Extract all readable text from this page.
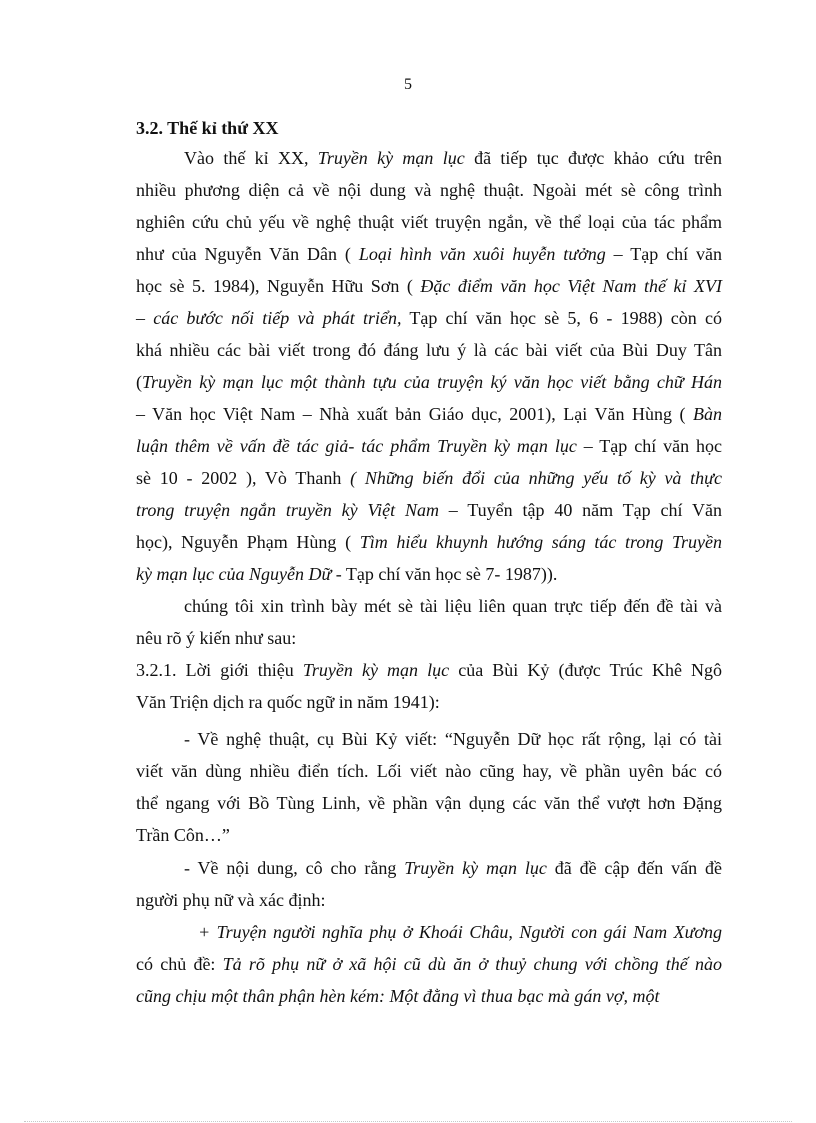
5
3.2. Thế kỉ thứ XX
Vào thế kỉ XX, Truyền kỳ mạn lục đã tiếp tục được khảo cứu trên
nhiều phương diện cả về nội dung và nghệ thuật. Ngoài mét sè công trình
nghiên cứu chủ yếu về nghệ thuật viết truyện ngắn, về thể loại của tác phẩm
như của Nguyễn Văn Dân ( Loại hình văn xuôi huyễn tưởng – Tạp chí văn
học sè 5. 1984), Nguyễn Hữu Sơn ( Đặc điểm văn học Việt Nam thế kỉ XVI
– các bước nối tiếp và phát triển, Tạp chí văn học sè 5, 6 - 1988) còn có
khá nhiều các bài viết trong đó đáng lưu ý là các bài viết của Bùi Duy Tân
(Truyền kỳ mạn lục một thành tựu của truyện ký văn học viết bằng chữ Hán
– Văn học Việt Nam – Nhà xuất bản Giáo dục, 2001), Lại Văn Hùng ( Bàn
luận thêm về vấn đề tác giả- tác phẩm Truyền kỳ mạn lục – Tạp chí văn học
sè 10 - 2002 ), Vò Thanh ( Những biến đổi của những yếu tố kỳ và thực
trong truyện ngắn truyền kỳ Việt Nam – Tuyển tập 40 năm Tạp chí Văn
học), Nguyễn Phạm Hùng ( Tìm hiểu khuynh hướng sáng tác trong Truyền
kỳ mạn lục của Nguyễn Dữ - Tạp chí văn học sè 7- 1987)).
chúng tôi xin trình bày mét sè tài liệu liên quan trực tiếp đến đề tài và
nêu rõ ý kiến như sau:
3.2.1. Lời giới thiệu Truyền kỳ mạn lục của Bùi Kỷ (được Trúc Khê Ngô
Văn Triện dịch ra quốc ngữ in năm 1941):
- Về nghệ thuật, cụ Bùi Kỷ viết: “Nguyễn Dữ học rất rộng, lại có tài
viết văn dùng nhiều điển tích. Lối viết nào cũng hay, về phần uyên bác có
thể ngang với Bồ Tùng Linh, về phần vận dụng các văn thể vượt hơn Đặng
Trần Côn…”
- Về nội dung, cô cho rằng Truyền kỳ mạn lục đã đề cập đến vấn đề
người phụ nữ và xác định:
+ Truyện người nghĩa phụ ở Khoái Châu, Người con gái Nam Xương
có chủ đề: Tả rõ phụ nữ ở xã hội cũ dù ăn ở thuỷ chung với chồng thế nào
cũng chịu một thân phận hèn kém: Một đằng vì thua bạc mà gán vợ, một
